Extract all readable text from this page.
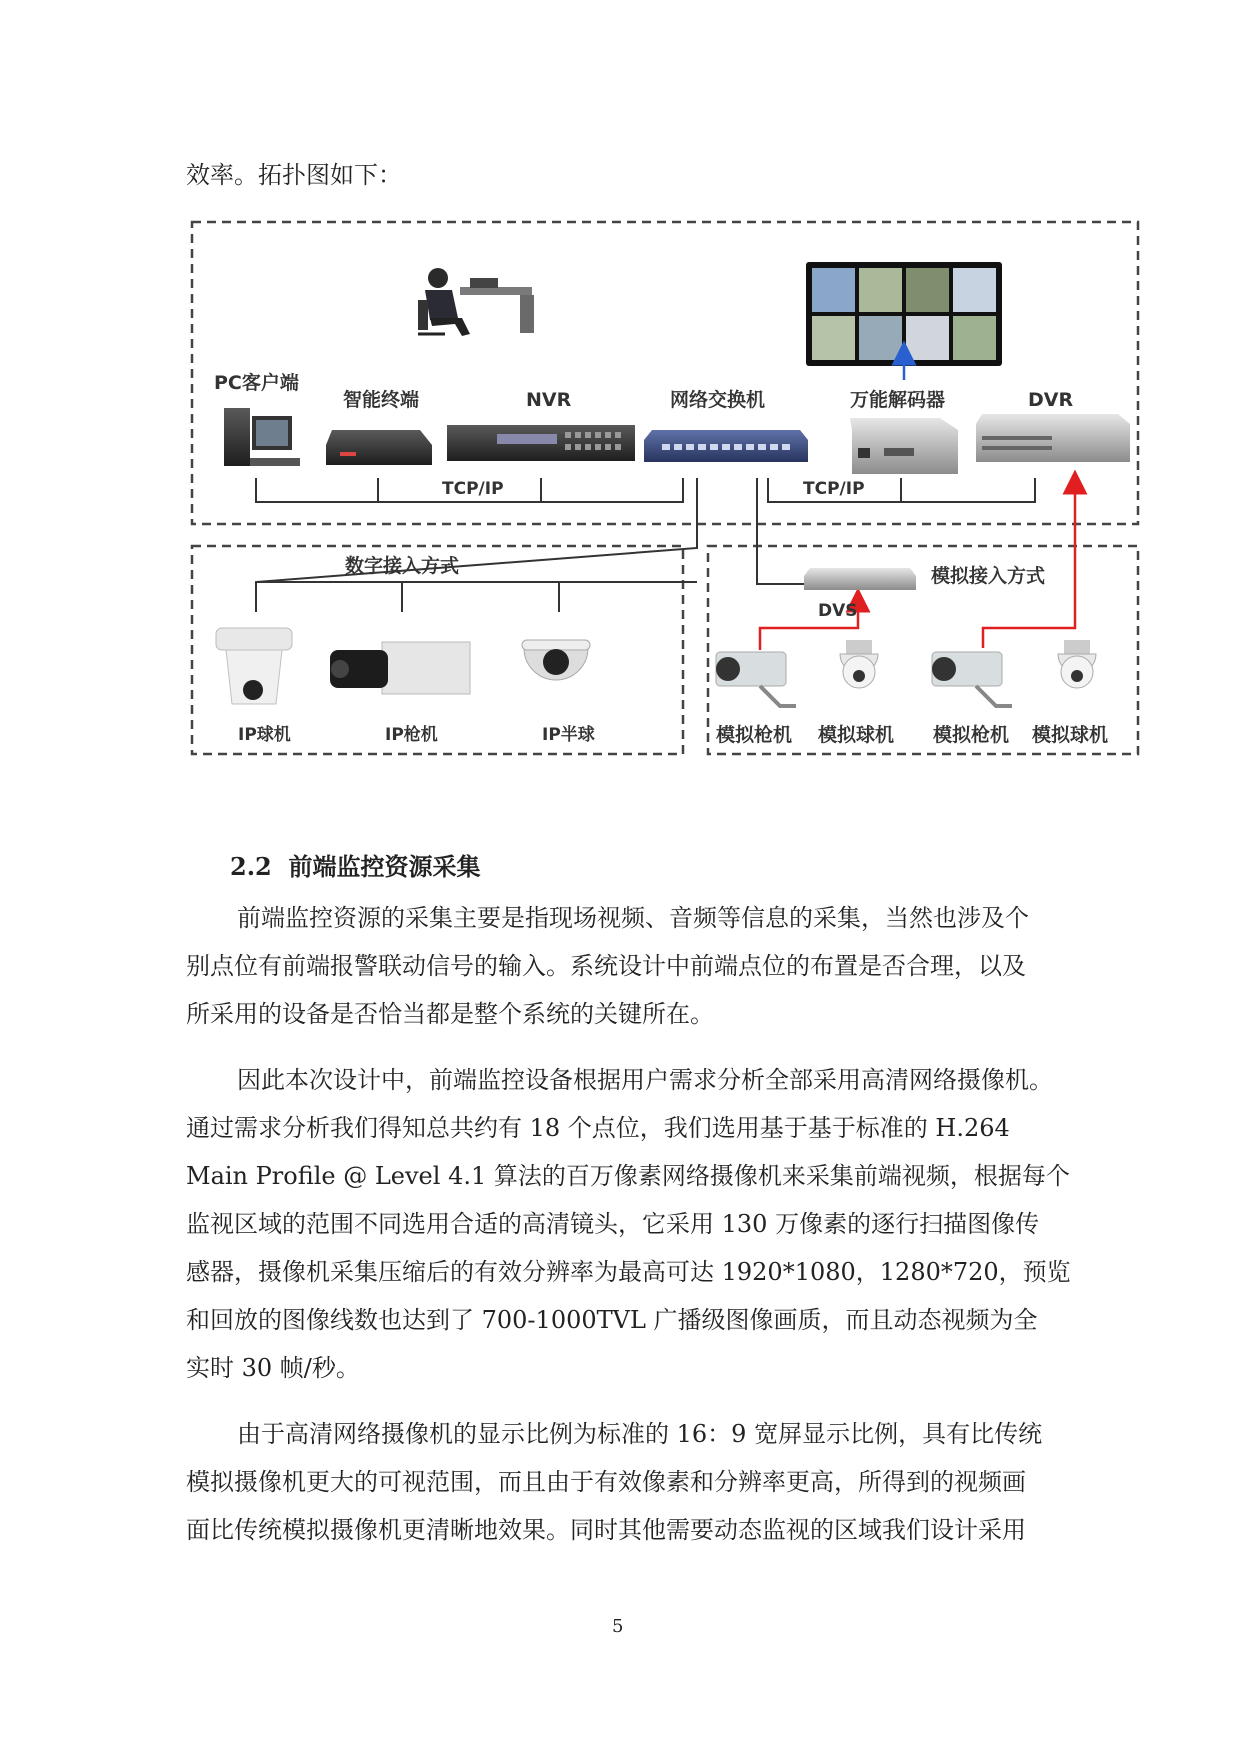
效率。拓扑图如下：
PC客户端
智能终端	NVR	网络交换机	万能解码器	DVR
TCP/IP	TCP/IP
数字接入方式	模拟接入方式
DVS
IP球机	IP枪机	IP半球	模拟枪机 模拟球机 模拟枪机 模拟球机
2.2 前端监控资源采集
前端监控资源的采集主要是指现场视频、音频等信息的采集，当然也涉及个
别点位有前端报警联动信号的输入。系统设计中前端点位的布置是否合理，以及
所采用的设备是否恰当都是整个系统的关键所在。
因此本次设计中，前端监控设备根据用户需求分析全部采用高清网络摄像机。
通过需求分析我们得知总共约有 18 个点位，我们选用基于基于标准的 H.264
Main Profile @ Level 4.1 算法的百万像素网络摄像机来采集前端视频，根据每个
监视区域的范围不同选用合适的高清镜头，它采用 130 万像素的逐行扫描图像传
感器，摄像机采集压缩后的有效分辨率为最高可达 1920*1080，1280*720，预览
和回放的图像线数也达到了 700-1000TVL 广播级图像画质，而且动态视频为全
实时 30 帧/秒。
由于高清网络摄像机的显示比例为标准的 16：9 宽屏显示比例，具有比传统
模拟摄像机更大的可视范围，而且由于有效像素和分辨率更高，所得到的视频画
面比传统模拟摄像机更清晰地效果。同时其他需要动态监视的区域我们设计采用
5
